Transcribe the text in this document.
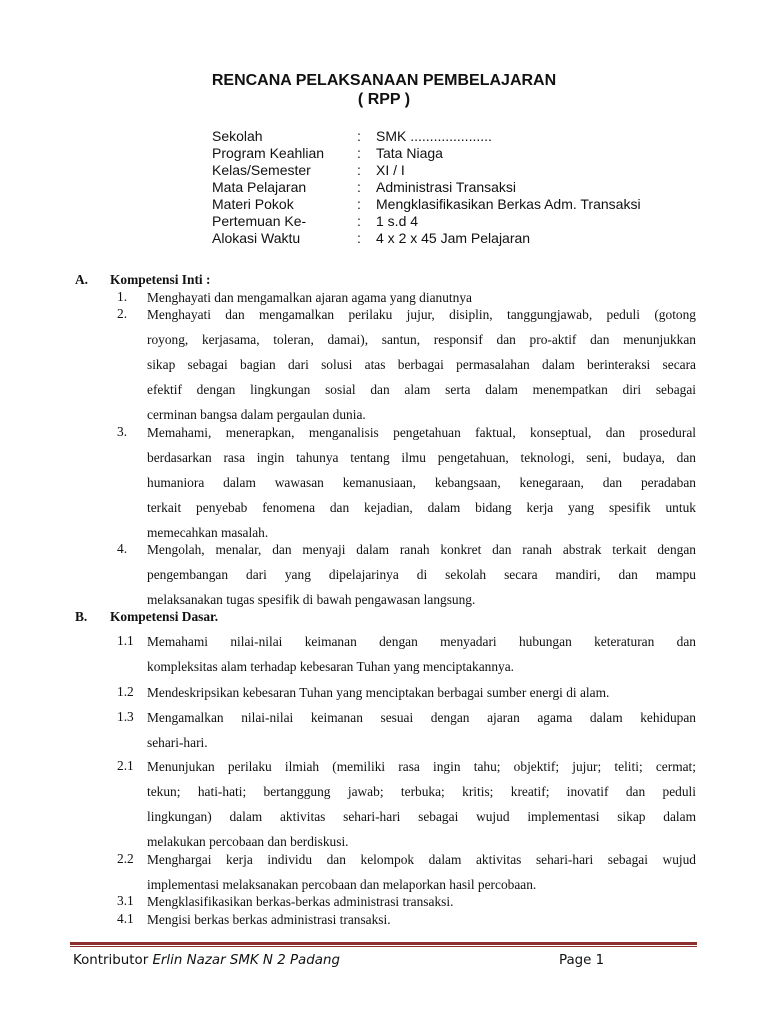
RENCANA PELAKSANAAN PEMBELAJARAN
( RPP )
Sekolah	: SMK .....................
Program Keahlian : Tata Niaga
Kelas/Semester	: XI / I
Mata Pelajaran	: Administrasi Transaksi
Materi Pokok	: Mengklasifikasikan Berkas Adm. Transaksi
Pertemuan Ke-	: 1 s.d 4
Alokasi Waktu	: 4 x 2 x 45 Jam Pelajaran
A. Kompetensi Inti :
1. Menghayati dan mengamalkan ajaran agama yang dianutnya
2. Menghayati dan mengamalkan perilaku jujur, disiplin, tanggungjawab, peduli (gotong
royong, kerjasama, toleran, damai), santun, responsif dan pro-aktif dan menunjukkan
sikap sebagai bagian dari solusi atas berbagai permasalahan dalam berinteraksi secara
efektif dengan lingkungan sosial dan alam serta dalam menempatkan diri sebagai
cerminan bangsa dalam pergaulan dunia.
3. Memahami, menerapkan, menganalisis pengetahuan faktual, konseptual, dan prosedural
berdasarkan rasa ingin tahunya tentang ilmu pengetahuan, teknologi, seni, budaya, dan
humaniora dalam wawasan kemanusiaan, kebangsaan, kenegaraan, dan peradaban
terkait penyebab fenomena dan kejadian, dalam bidang kerja yang spesifik untuk
memecahkan masalah.
4. Mengolah, menalar, dan menyaji dalam ranah konkret dan ranah abstrak terkait dengan
pengembangan dari yang dipelajarinya di sekolah secara mandiri, dan mampu
melaksanakan tugas spesifik di bawah pengawasan langsung.
B. Kompetensi Dasar.
1.1 Memahami nilai-nilai keimanan dengan menyadari hubungan keteraturan dan
kompleksitas alam terhadap kebesaran Tuhan yang menciptakannya.
1.2 Mendeskripsikan kebesaran Tuhan yang menciptakan berbagai sumber energi di alam.
1.3 Mengamalkan nilai-nilai keimanan sesuai dengan ajaran agama dalam kehidupan
sehari-hari.
2.1 Menunjukan perilaku ilmiah (memiliki rasa ingin tahu; objektif; jujur; teliti; cermat;
tekun; hati-hati; bertanggung jawab; terbuka; kritis; kreatif; inovatif dan peduli
lingkungan) dalam aktivitas sehari-hari sebagai wujud implementasi sikap dalam
melakukan percobaan dan berdiskusi.
2.2 Menghargai kerja individu dan kelompok dalam aktivitas sehari-hari sebagai wujud
implementasi melaksanakan percobaan dan melaporkan hasil percobaan.
3.1 Mengklasifikasikan berkas-berkas administrasi transaksi.
4.1 Mengisi berkas berkas administrasi transaksi.
Kontributor Erlin Nazar SMK N 2 Padang	Page 1
